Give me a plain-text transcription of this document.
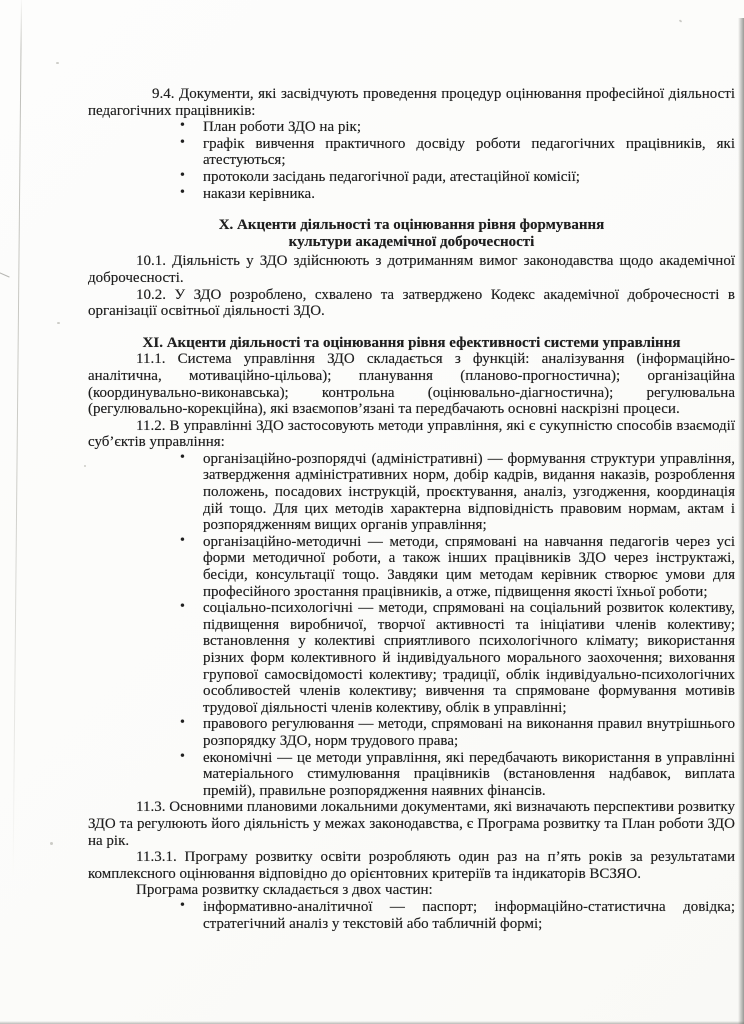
9.4. Документи, які засвідчують проведення процедур оцінювання професійної діяльності педагогічних працівників:

• План роботи ЗДО на рік;
• графік вивчення практичного досвіду роботи педагогічних працівників, які атестуються;
• протоколи засідань педагогічної ради, атестаційної комісії;
• накази керівника.
X. Акценти діяльності та оцінювання рівня формування
культури академічної доброчесності

10.1. Діяльність у ЗДО здійснюють з дотриманням вимог законодавства щодо академічної доброчесності.

10.2. У ЗДО розроблено, схвалено та затверджено Кодекс академічної доброчесності в організації освітньої діяльності ЗДО.

XI. Акценти діяльності та оцінювання рівня ефективності системи управління

11.1. Система управління ЗДО складається з функцій: аналізування (інформаційно-аналітична, мотиваційно-цільова); планування (планово-прогностична); організаційна (координувально-виконавська); контрольна (оцінювально-діагностична); регулювальна (регулювально-корекційна), які взаємопов’язані та передбачають основні наскрізні процеси.

11.2. В управлінні ЗДО застосовують методи управління, які є сукупністю способів взаємодії суб’єктів управління:

• організаційно-розпорядчі (адміністративні) — формування структури управління, затвердження адміністративних норм, добір кадрів, видання наказів, розроблення положень, посадових інструкцій, проєктування, аналіз, узгодження, координація дій тощо. Для цих методів характерна відповідність правовим нормам, актам і розпорядженням вищих органів управління;
• організаційно-методичні — методи, спрямовані на навчання педагогів через усі форми методичної роботи, а також інших працівників ЗДО через інструктажі, бесіди, консультації тощо. Завдяки цим методам керівник створює умови для професійного зростання працівників, а отже, підвищення якості їхньої роботи;
• соціально-психологічні — методи, спрямовані на соціальний розвиток колективу, підвищення виробничої, творчої активності та ініціативи членів колективу; встановлення у колективі сприятливого психологічного клімату; використання різних форм колективного й індивідуального морального заохочення; виховання групової самосвідомості колективу; традиції, облік індивідуально-психологічних особливостей членів колективу; вивчення та спрямоване формування мотивів трудової діяльності членів колективу, облік в управлінні;
• правового регулювання — методи, спрямовані на виконання правил внутрішнього розпорядку ЗДО, норм трудового права;
• економічні — це методи управління, які передбачають використання в управлінні матеріального стимулювання працівників (встановлення надбавок, виплата премій), правильне розпорядження наявних фінансів.

11.3. Основними плановими локальними документами, які визначають перспективи розвитку ЗДО та регулюють його діяльність у межах законодавства, є Програма розвитку та План роботи ЗДО на рік.

11.3.1. Програму розвитку освіти розробляють один раз на п’ять років за результатами комплексного оцінювання відповідно до орієнтовних критеріїв та індикаторів ВСЗЯО.

Програма розвитку складається з двох частин:

• інформативно-аналітичної — паспорт; інформаційно-статистична довідка; стратегічний аналіз у текстовій або табличній формі;
